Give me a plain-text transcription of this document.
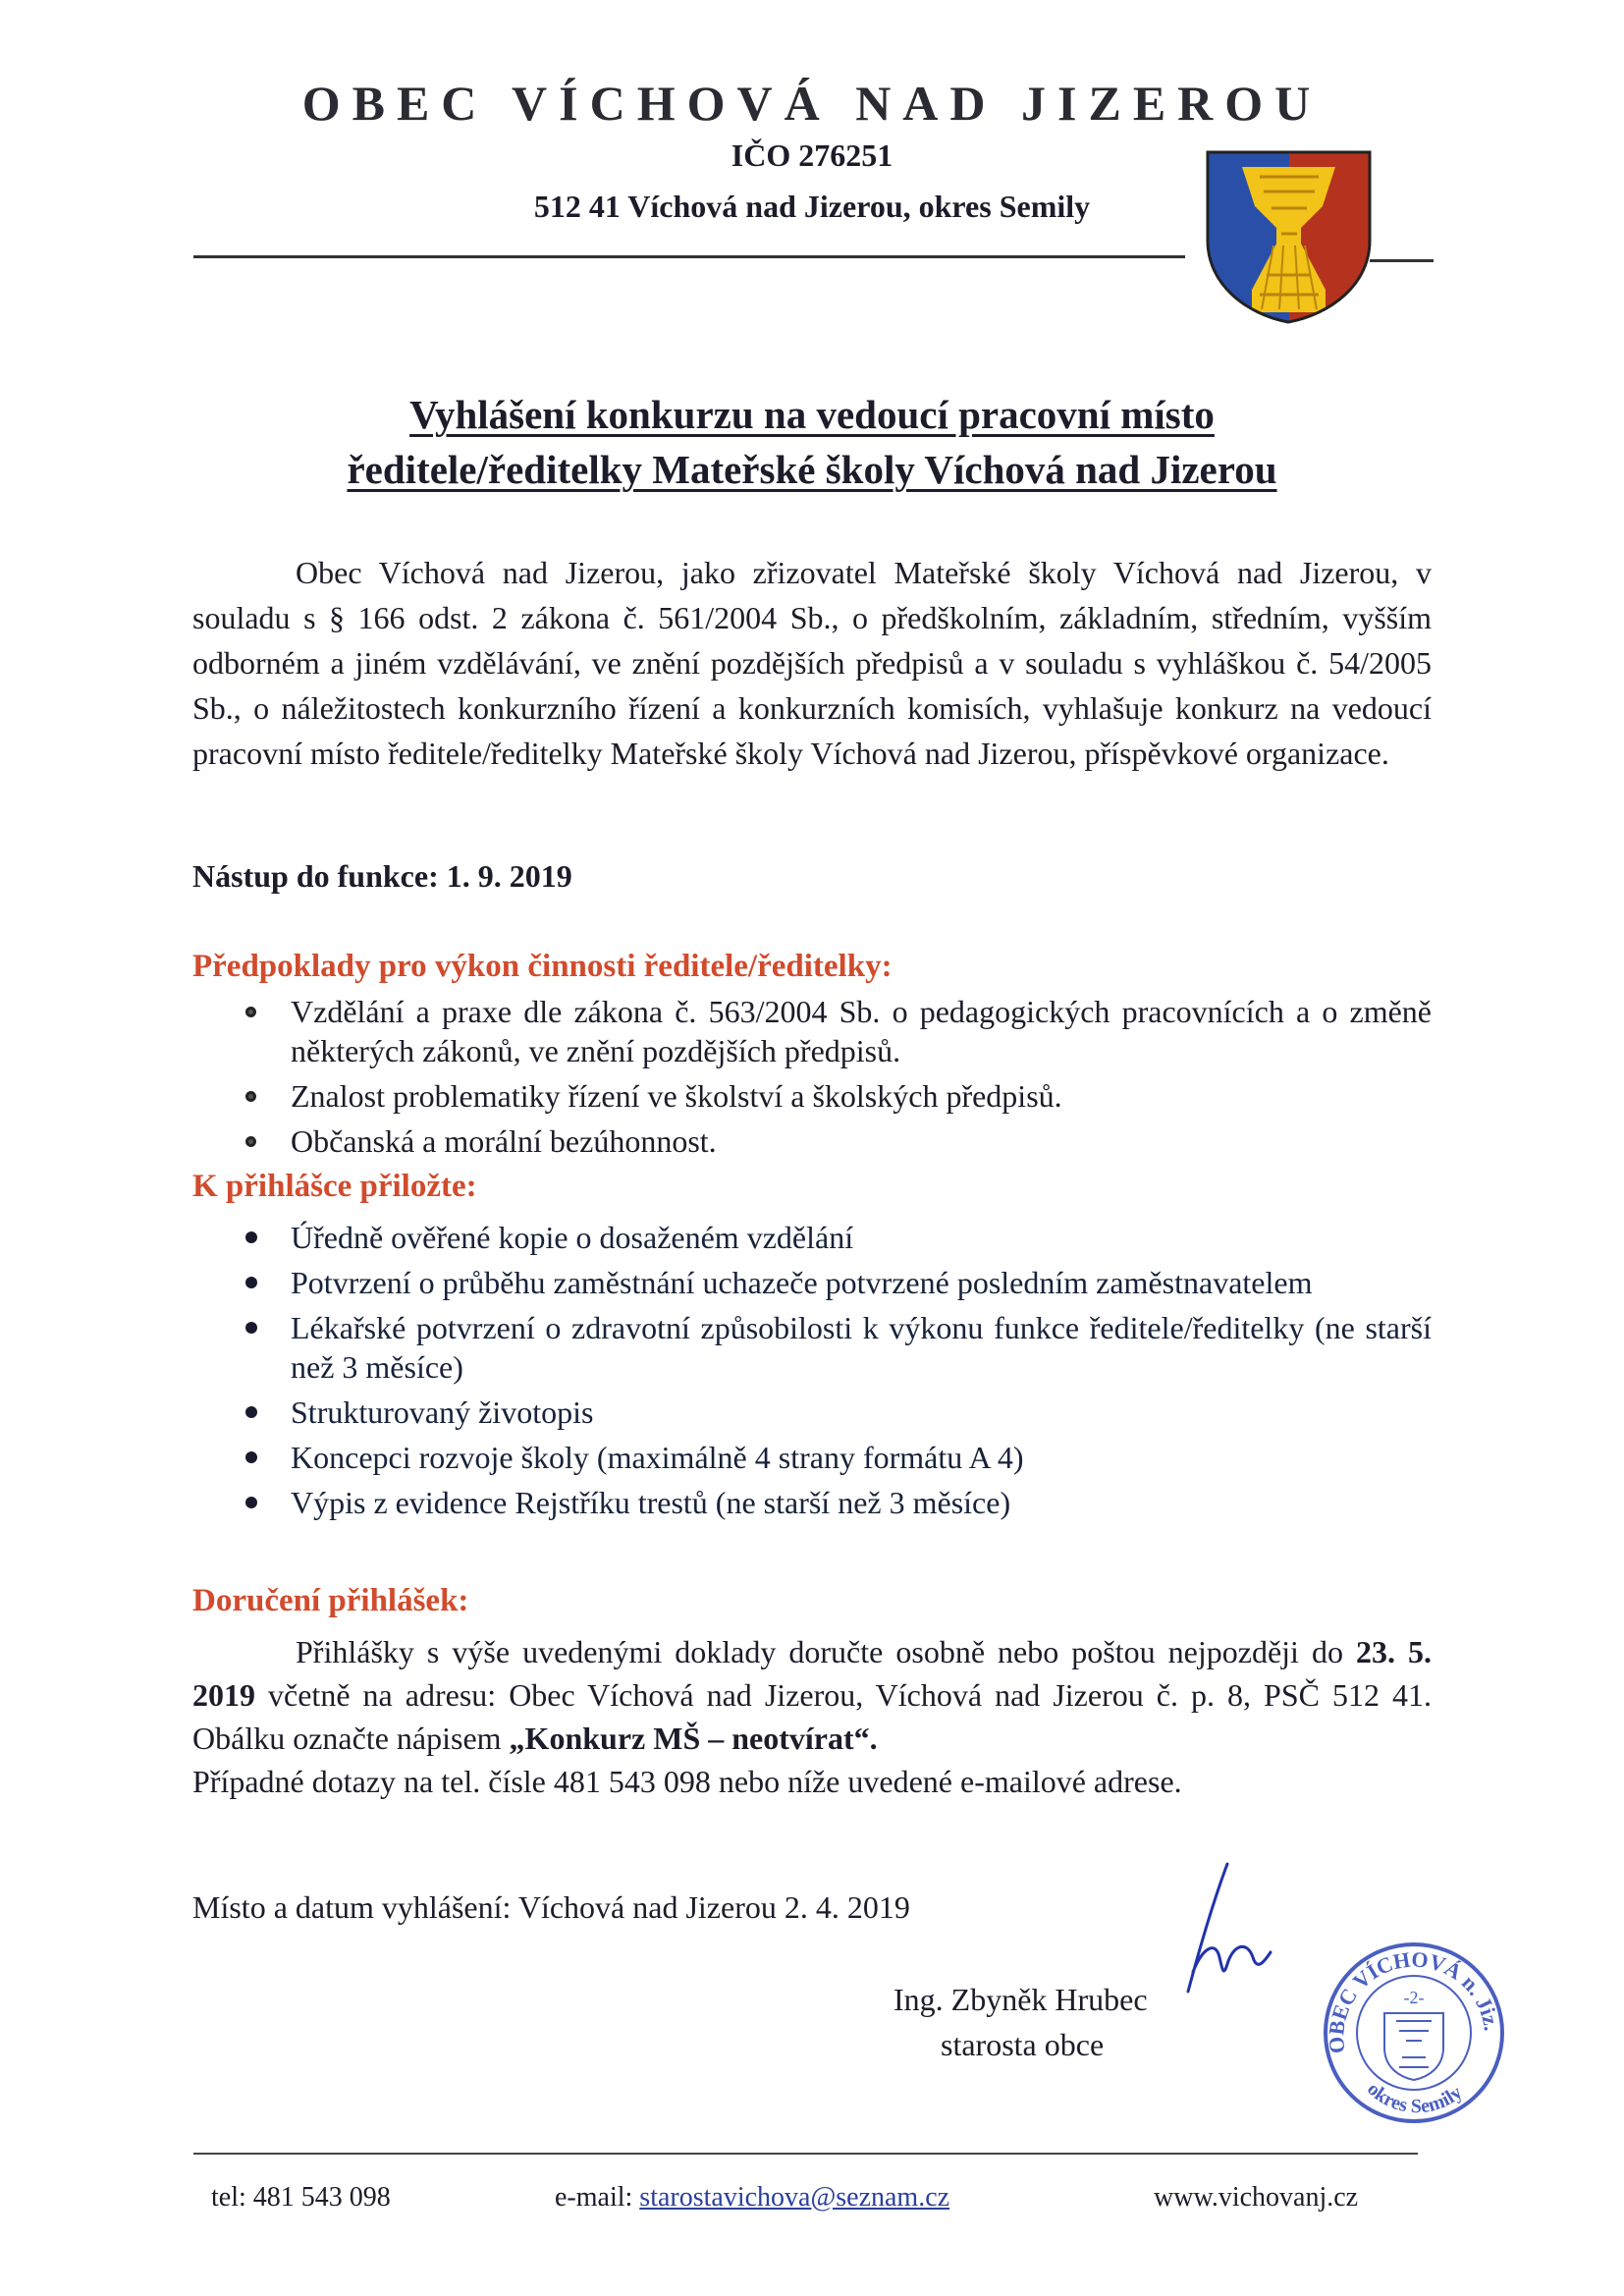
OBEC VÍCHOVÁ NAD JIZEROU
IČO 276251
512 41 Víchová nad Jizerou, okres Semily
Vyhlášení konkurzu na vedoucí pracovní místo
ředitele/ředitelky Mateřské školy Víchová nad Jizerou
Obec Víchová nad Jizerou, jako zřizovatel Mateřské školy Víchová nad Jizerou, v souladu s § 166 odst. 2 zákona č. 561/2004 Sb., o předškolním, základním, středním, vyšším odborném a jiném vzdělávání, ve znění pozdějších předpisů a v souladu s vyhláškou č. 54/2005 Sb., o náležitostech konkurzního řízení a konkurzních komisích, vyhlašuje konkurz na vedoucí pracovní místo ředitele/ředitelky Mateřské školy Víchová nad Jizerou, příspěvkové organizace.
Nástup do funkce: 1. 9. 2019
Předpoklady pro výkon činnosti ředitele/ředitelky:
Vzdělání a praxe dle zákona č. 563/2004 Sb. o pedagogických pracovnících a o změně některých zákonů, ve znění pozdějších předpisů.
Znalost problematiky řízení ve školství a školských předpisů.
Občanská a morální bezúhonnost.
K přihlášce přiložte:
Úředně ověřené kopie o dosaženém vzdělání
Potvrzení o průběhu zaměstnání uchazeče potvrzené posledním zaměstnavatelem
Lékařské potvrzení o zdravotní způsobilosti k výkonu funkce ředitele/ředitelky (ne starší než 3 měsíce)
Strukturovaný životopis
Koncepci rozvoje školy (maximálně 4 strany formátu A 4)
Výpis z evidence Rejstříku trestů (ne starší než 3 měsíce)
Doručení přihlášek:
Přihlášky s výše uvedenými doklady doručte osobně nebo poštou nejpozději do 23. 5. 2019 včetně na adresu: Obec Víchová nad Jizerou, Víchová nad Jizerou č. p. 8, PSČ 512 41. Obálku označte nápisem „Konkurz MŠ – neotvírat“.
Případné dotazy na tel. čísle 481 543 098 nebo níže uvedené e-mailové adrese.
Místo a datum vyhlášení: Víchová nad Jizerou 2. 4. 2019
Ing. Zbyněk Hrubec
starosta obce	OBEC VÍCHOVÁ n. Jiz.
okres Semily
-2-
tel: 481 543 098	e-mail: starostavichova@seznam.cz	www.vichovanj.cz
